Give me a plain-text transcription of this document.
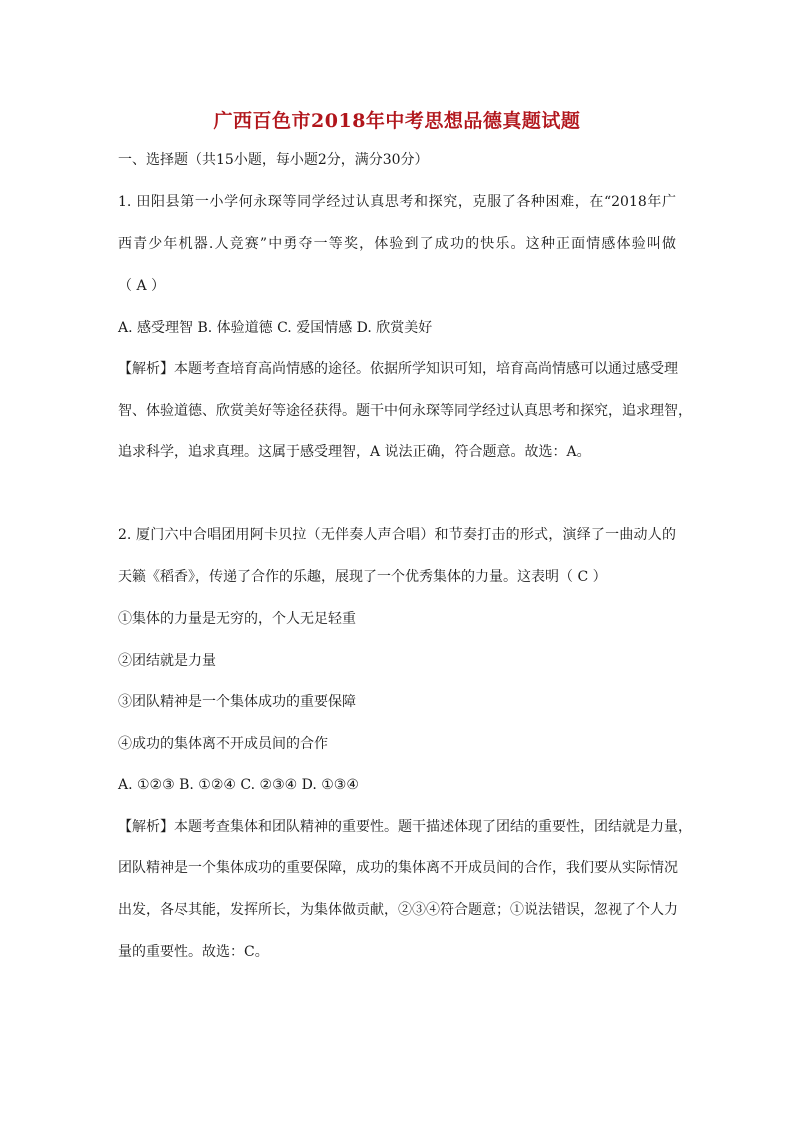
广西百色市2018年中考思想品德真题试题
一、选择题（共15小题，每小题2分，满分30分）
1. 田阳县第一小学何永琛等同学经过认真思考和探究，克服了各种困难，在“2018年广
西青少年机器.人竞赛”中勇夺一等奖，体验到了成功的快乐。这种正面情感体验叫做
（ A ）
A. 感受理智 B. 体验道德 C. 爱国情感 D. 欣赏美好
【解析】本题考查培育高尚情感的途径。依据所学知识可知，培育高尚情感可以通过感受理
智、体验道德、欣赏美好等途径获得。题干中何永琛等同学经过认真思考和探究，追求理智，
追求科学，追求真理。这属于感受理智，A 说法正确，符合题意。故选：A。
2. 厦门六中合唱团用阿卡贝拉（无伴奏人声合唱）和节奏打击的形式，演绎了一曲动人的
天籁《稻香》，传递了合作的乐趣，展现了一个优秀集体的力量。这表明（ C ）
①集体的力量是无穷的，个人无足轻重
②团结就是力量
③团队精神是一个集体成功的重要保障
④成功的集体离不开成员间的合作
A. ①②③ B. ①②④ C. ②③④ D. ①③④
【解析】本题考查集体和团队精神的重要性。题干描述体现了团结的重要性，团结就是力量，
团队精神是一个集体成功的重要保障，成功的集体离不开成员间的合作，我们要从实际情况
出发，各尽其能，发挥所长，为集体做贡献，②③④符合题意；①说法错误，忽视了个人力
量的重要性。故选：C。
